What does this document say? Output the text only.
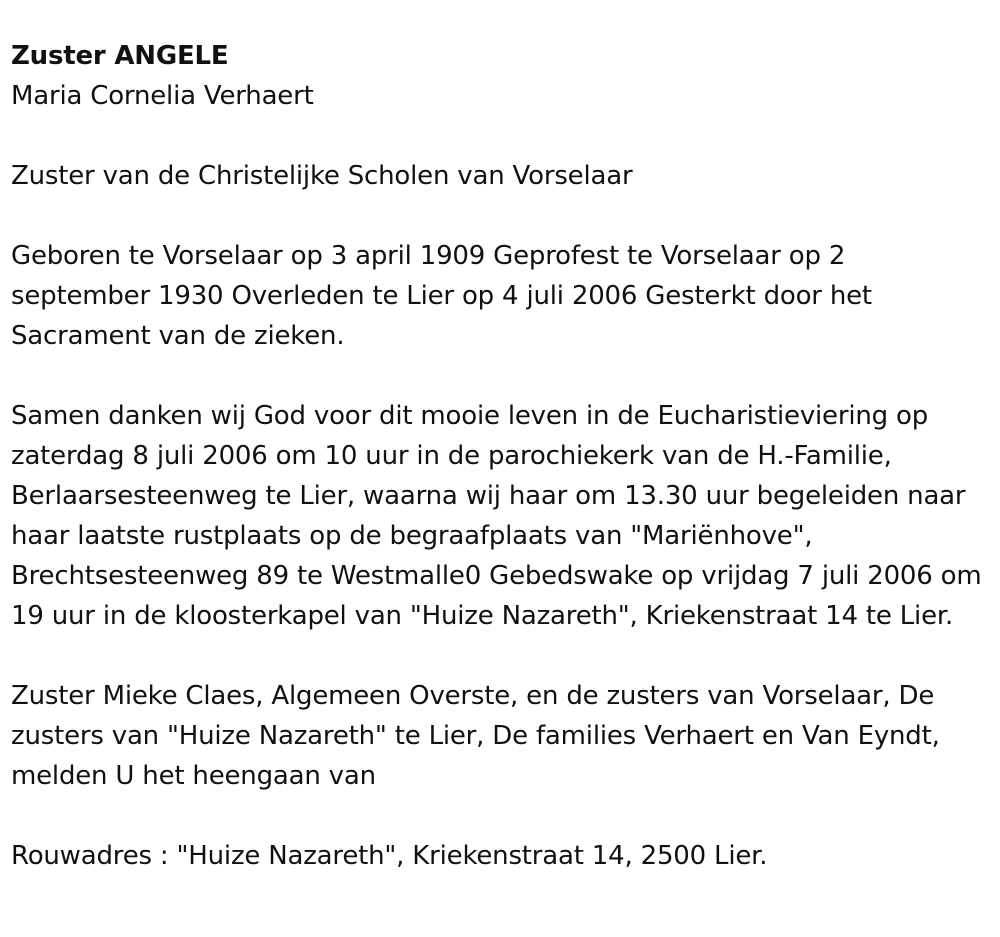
Zuster ANGELE

Maria Cornelia Verhaert

Zuster van de Christelijke Scholen van Vorselaar

Geboren te Vorselaar op 3 april 1909 Geprofest te Vorselaar op 2 september 1930 Overleden te Lier op 4 juli 2006 Gesterkt door het Sacrament van de zieken.

Samen danken wij God voor dit mooie leven in de Eucharistieviering op zaterdag 8 juli 2006 om 10 uur in de parochiekerk van de H.-Familie, Berlaarsesteenweg te Lier, waarna wij haar om 13.30 uur begeleiden naar haar laatste rustplaats op de begraafplaats van "Mariënhove", Brechtsesteenweg 89 te Westmalle0 Gebedswake op vrijdag 7 juli 2006 om 19 uur in de kloosterkapel van "Huize Nazareth", Kriekenstraat 14 te Lier.

Zuster Mieke Claes, Algemeen Overste, en de zusters van Vorselaar, De zusters van "Huize Nazareth" te Lier, De families Verhaert en Van Eyndt, melden U het heengaan van

Rouwadres : "Huize Nazareth", Kriekenstraat 14, 2500 Lier.
